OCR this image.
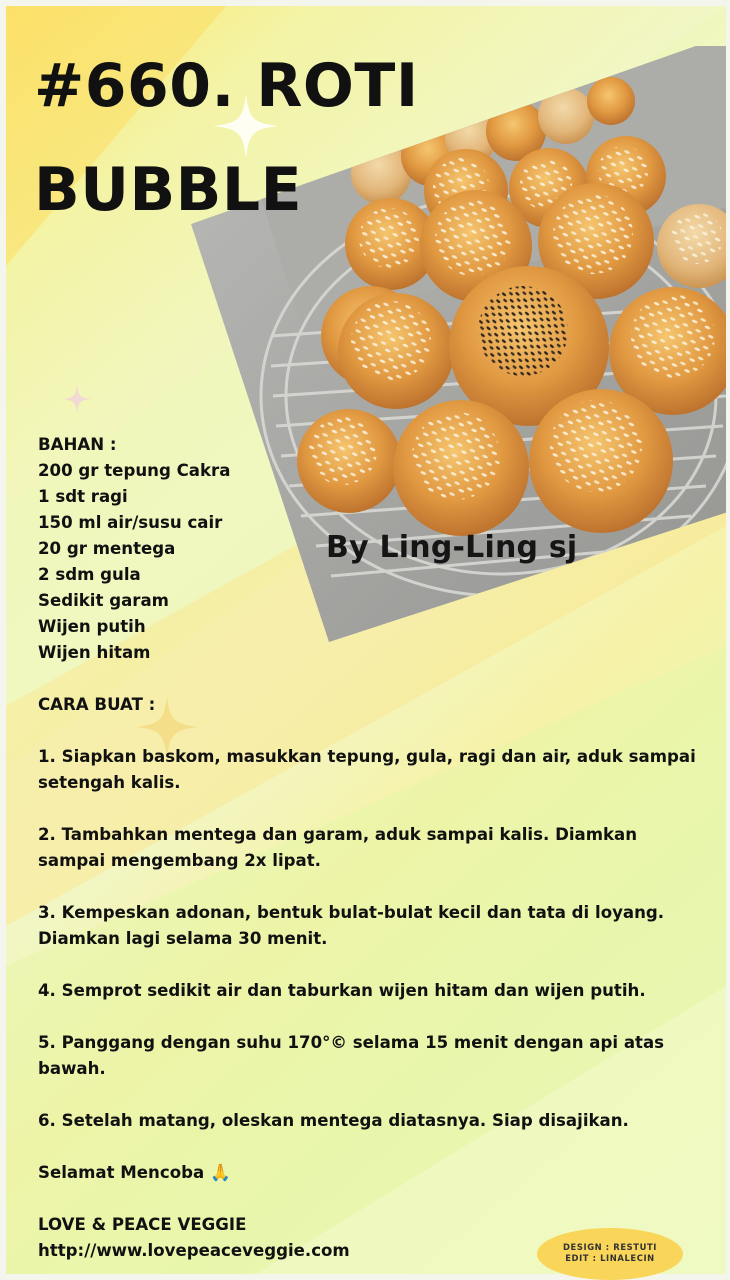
#660. ROTI BUBBLE
By Ling-Ling sj
BAHAN :
200 gr tepung Cakra
1 sdt ragi
150 ml air/susu cair
20 gr mentega
2 sdm gula
Sedikit garam
Wijen putih
Wijen hitam
CARA BUAT :
1. Siapkan baskom, masukkan tepung, gula, ragi dan air, aduk sampai setengah kalis.
2. Tambahkan mentega dan garam, aduk sampai kalis. Diamkan sampai mengembang 2x lipat.
3. Kempeskan adonan, bentuk bulat-bulat kecil dan tata di loyang. Diamkan lagi selama 30 menit.
4. Semprot sedikit air dan taburkan wijen hitam dan wijen putih.
5. Panggang dengan suhu 170°© selama 15 menit dengan api atas bawah.
6. Setelah matang, oleskan mentega diatasnya. Siap disajikan.
Selamat Mencoba 🙏
LOVE & PEACE VEGGIE
http://www.lovepeaceveggie.com	DESIGN : RESTUTI
EDIT : LINALECIN
